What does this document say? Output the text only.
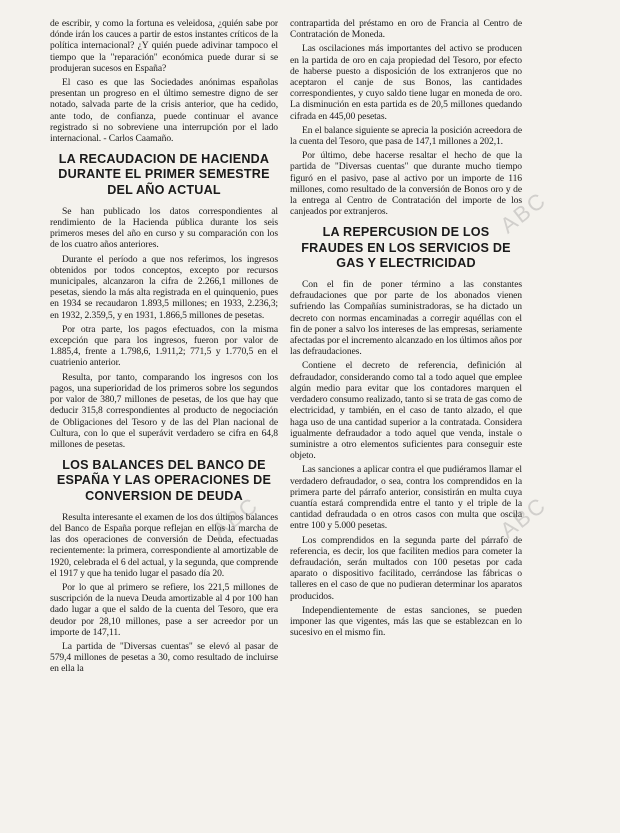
de escribir, y como la fortuna es veleidosa, ¿quién sabe por dónde irán los cauces a partir de estos instantes críticos de la política internacional? ¿Y quién puede adivinar tampoco el tiempo que la "reparación" económica puede durar si se produjeran sucesos en España?

El caso es que las Sociedades anónimas españolas presentan un progreso en el último semestre digno de ser notado, salvada parte de la crisis anterior, que ha cedido, ante todo, de confianza, puede continuar el avance registrado si no sobreviene una interrupción por el lado internacional. - Carlos Caamaño.

LA RECAUDACION DE HACIENDA DURANTE EL PRIMER SEMESTRE DEL AÑO ACTUAL

Se han publicado los datos correspondientes al rendimiento de la Hacienda pública durante los seis primeros meses del año en curso y su comparación con los de los cuatro años anteriores.

Durante el período a que nos referimos, los ingresos obtenidos por todos conceptos, excepto por recursos municipales, alcanzaron la cifra de 2.266,1 millones de pesetas, siendo la más alta registrada en el quinquenio, pues en 1934 se recaudaron 1.893,5 millones; en 1933, 2.236,3; en 1932, 2.359,5, y en 1931, 1.866,5 millones de pesetas.

Por otra parte, los pagos efectuados, con la misma excepción que para los ingresos, fueron por valor de 1.885,4, frente a 1.798,6, 1.911,2; 771,5 y 1.770,5 en el cuatrienio anterior.

Resulta, por tanto, comparando los ingresos con los pagos, una superioridad de los primeros sobre los segundos por valor de 380,7 millones de pesetas, de los que hay que deducir 315,8 correspondientes al producto de negociación de Obligaciones del Tesoro y de las del Plan nacional de Cultura, con lo que el superávit verdadero se cifra en 64,8 millones de pesetas.

LOS BALANCES DEL BANCO DE ESPAÑA Y LAS OPERACIONES DE CONVERSION DE DEUDA

Resulta interesante el examen de los dos últimos balances del Banco de España porque reflejan en ellos la marcha de las dos operaciones de conversión de Deuda, efectuadas recientemente: la primera, correspondiente al amortizable de 1920, celebrada el 6 del actual, y la segunda, que comprende el 1917 y que ha tenido lugar el pasado día 20.

Por lo que al primero se refiere, los 221,5 millones de suscripción de la nueva Deuda amortizable al 4 por 100 han dado lugar a que el saldo de la cuenta del Tesoro, que era deudor por 28,10 millones, pase a ser acreedor por un importe de 147,11.

La partida de "Diversas cuentas" se elevó al pasar de 579,4 millones de pesetas a 30, como resultado de incluirse en ella la

contrapartida del préstamo en oro de Francia al Centro de Contratación de Moneda.

Las oscilaciones más importantes del activo se producen en la partida de oro en caja propiedad del Tesoro, por efecto de haberse puesto a disposición de los extranjeros que no aceptaron el canje de sus Bonos, las cantidades correspondientes, y cuyo saldo tiene lugar en moneda de oro. La disminución en esta partida es de 20,5 millones quedando cifrada en 445,00 pesetas.

En el balance siguiente se aprecia la posición acreedora de la cuenta del Tesoro, que pasa de 147,1 millones a 202,1.

Por último, debe hacerse resaltar el hecho de que la partida de "Diversas cuentas" que durante mucho tiempo figuró en el pasivo, pase al activo por un importe de 116 millones, como resultado de la conversión de Bonos oro y de la entrega al Centro de Contratación del importe de los canjeados por extranjeros.

LA REPERCUSION DE LOS FRAUDES EN LOS SERVICIOS DE GAS Y ELECTRICIDAD

Con el fin de poner término a las constantes defraudaciones que por parte de los abonados vienen sufriendo las Compañías suministradoras, se ha dictado un decreto con normas encaminadas a corregir aquéllas con el fin de poner a salvo los intereses de las empresas, seriamente afectadas por el incremento alcanzado en los últimos años por las defraudaciones.

Contiene el decreto de referencia, definición al defraudador, considerando como tal a todo aquel que emplee algún medio para evitar que los contadores marquen el verdadero consumo realizado, tanto si se trata de gas como de electricidad, y también, en el caso de tanto alzado, el que haga uso de una cantidad superior a la contratada. Considera igualmente defraudador a todo aquel que venda, instale o suministre a otro elementos suficientes para conseguir este objeto.

Las sanciones a aplicar contra el que pudiéramos llamar el verdadero defraudador, o sea, contra los comprendidos en la primera parte del párrafo anterior, consistirán en multa cuya cuantía estará comprendida entre el tanto y el triple de la cantidad defraudada o en otros casos con multa que oscila entre 100 y 5.000 pesetas.

Los comprendidos en la segunda parte del párrafo de referencia, es decir, los que faciliten medios para cometer la defraudación, serán multados con 100 pesetas por cada aparato o dispositivo facilitado, cerrándose las fábricas o talleres en el caso de que no pudieran determinar los aparatos producidos.

Independientemente de estas sanciones, se pueden imponer las que vigentes, más las que se establezcan en lo sucesivo en el mismo fin.

ABC
ABC	ABC
